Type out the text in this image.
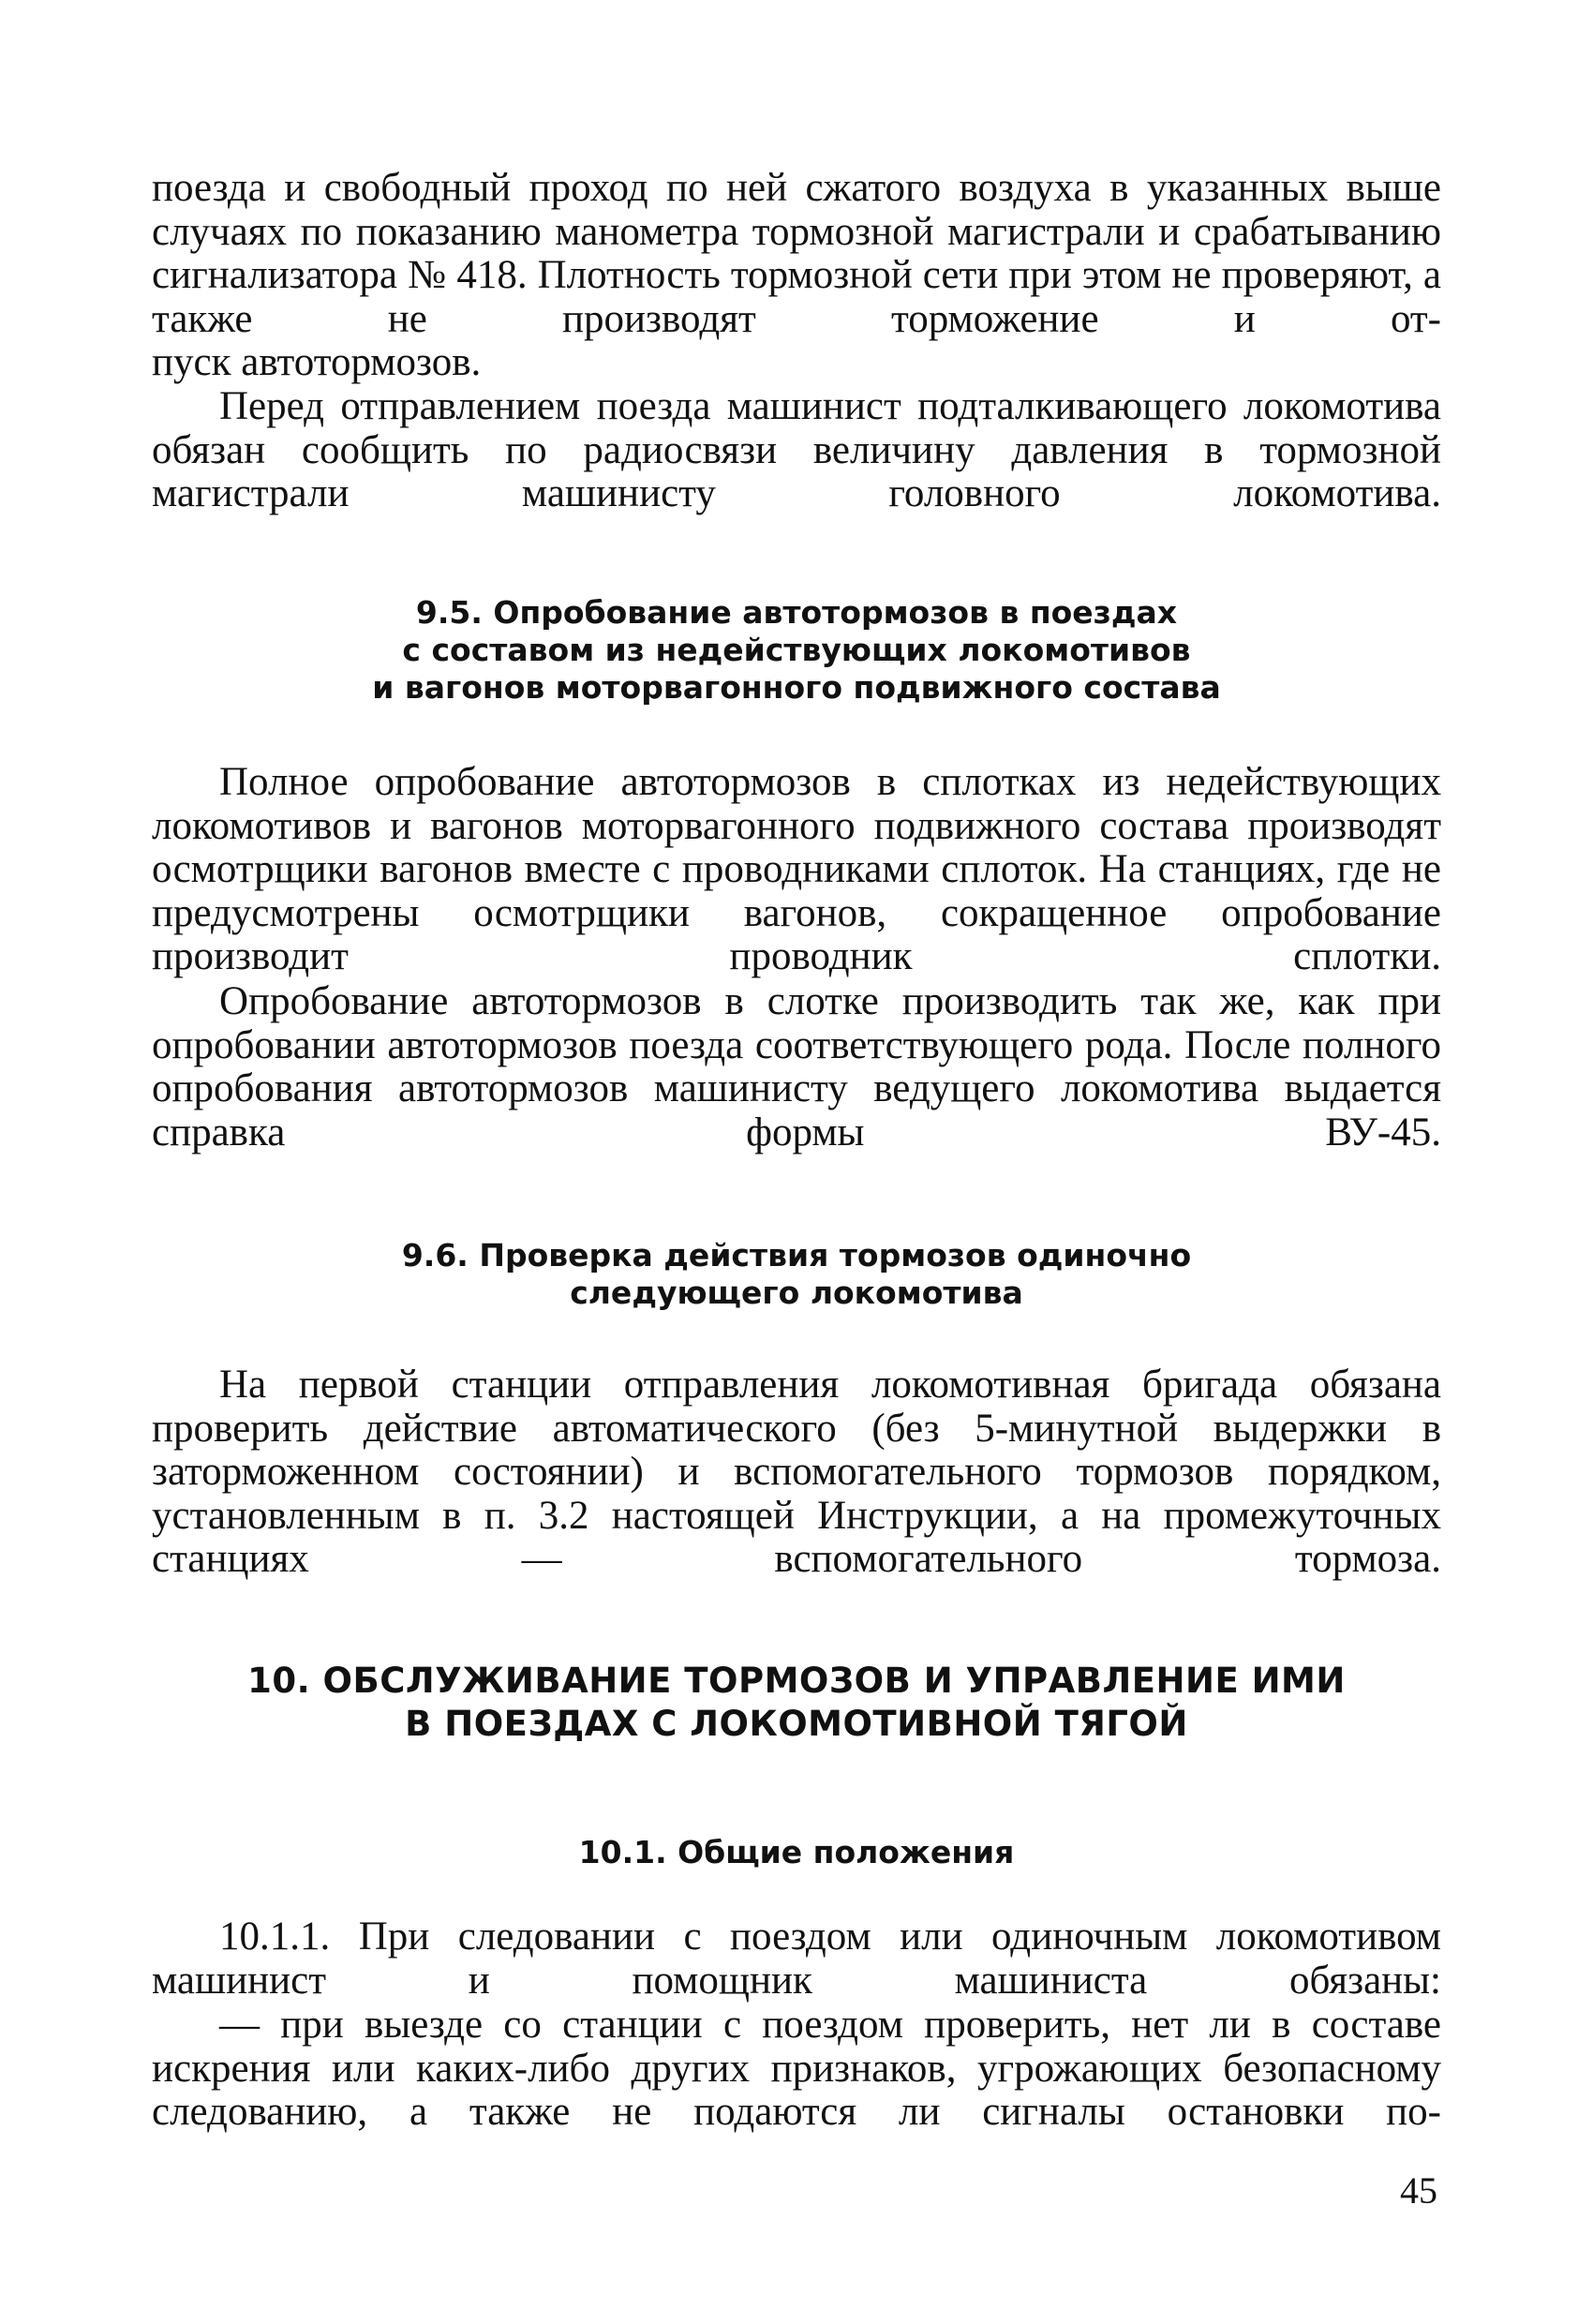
поезда и свободный проход по ней сжатого воздуха в указанных выше случаях по показанию манометра тормозной магистрали и срабатыванию сигнализатора № 418. Плотность тормозной сети при этом не проверяют, а также не производят торможение и от-

пуск автотормозов.

Перед отправлением поезда машинист подталкивающего локомотива обязан сообщить по радиосвязи величину давления в тормозной магистрали машинисту головного локомотива.

9.5. Опробование автотормозов в поездах
с составом из недействующих локомотивов
и вагонов моторвагонного подвижного состава

Полное опробование автотормозов в сплотках из недействующих локомотивов и вагонов моторвагонного подвижного состава производят осмотрщики вагонов вместе с проводниками сплоток. На станциях, где не предусмотрены осмотрщики вагонов, сокращенное опробование производит проводник сплотки.

Опробование автотормозов в слотке производить так же, как при опробовании автотормозов поезда соответствующего рода. После полного опробования автотормозов машинисту ведущего локомотива выдается справка формы ВУ-45.

9.6. Проверка действия тормозов одиночно
следующего локомотива

На первой станции отправления локомотивная бригада обязана проверить действие автоматического (без 5-минутной выдержки в заторможенном состоянии) и вспомогательного тормозов порядком, установленным в п. 3.2 настоящей Инструкции, а на промежуточных станциях — вспомогательного тормоза.

10. ОБСЛУЖИВАНИЕ ТОРМОЗОВ И УПРАВЛЕНИЕ ИМИ
В ПОЕЗДАХ С ЛОКОМОТИВНОЙ ТЯГОЙ
10.1. Общие положения

10.1.1. При следовании с поездом или одиночным локомотивом машинист и помощник машиниста обязаны:

— при выезде со станции с поездом проверить, нет ли в составе искрения или каких-либо других признаков, угрожающих безопасному следованию, а также не подаются ли сигналы остановки по-

45
